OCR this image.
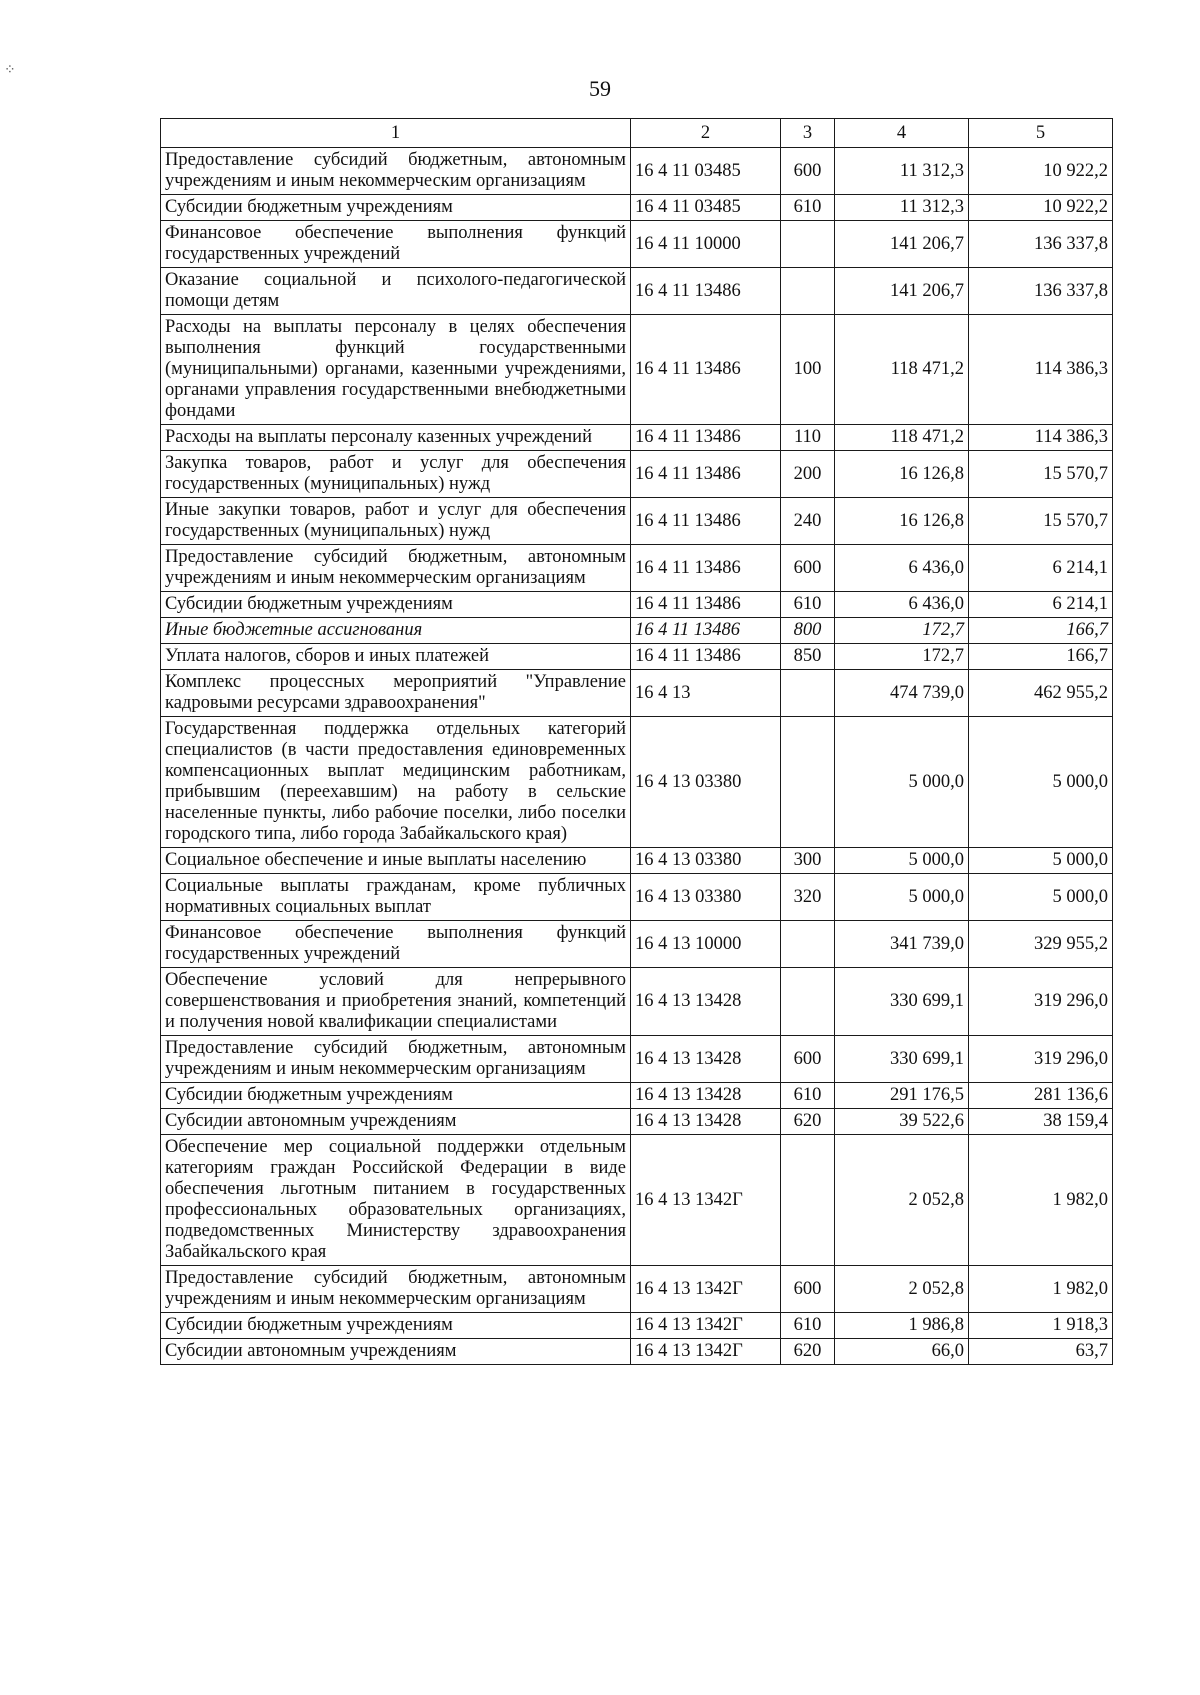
⁘
59
1	2	3	4	5
Предоставление субсидий бюджетным, автономным учреждениям и иным некоммерческим организациям	16 4 11 03485	600	11 312,3	10 922,2
Субсидии бюджетным учреждениям	16 4 11 03485	610	11 312,3	10 922,2
Финансовое обеспечение выполнения функций государственных учреждений	16 4 11 10000		141 206,7	136 337,8
Оказание социальной и психолого-педагогической помощи детям	16 4 11 13486		141 206,7	136 337,8
Расходы на выплаты персоналу в целях обеспечения выполнения функций государственными (муниципальными) органами, казенными учреждениями, органами управления государственными внебюджетными фондами	16 4 11 13486	100	118 471,2	114 386,3
Расходы на выплаты персоналу казенных учреждений	16 4 11 13486	110	118 471,2	114 386,3
Закупка товаров, работ и услуг для обеспечения государственных (муниципальных) нужд	16 4 11 13486	200	16 126,8	15 570,7
Иные закупки товаров, работ и услуг для обеспечения государственных (муниципальных) нужд	16 4 11 13486	240	16 126,8	15 570,7
Предоставление субсидий бюджетным, автономным учреждениям и иным некоммерческим организациям	16 4 11 13486	600	6 436,0	6 214,1
Субсидии бюджетным учреждениям	16 4 11 13486	610	6 436,0	6 214,1
Иные бюджетные ассигнования	16 4 11 13486	800	172,7	166,7
Уплата налогов, сборов и иных платежей	16 4 11 13486	850	172,7	166,7
Комплекс процессных мероприятий "Управление кадровыми ресурсами здравоохранения"	16 4 13		474 739,0	462 955,2
Государственная поддержка отдельных категорий специалистов (в части предоставления единовременных компенсационных выплат медицинским работникам, прибывшим (переехавшим) на работу в сельские населенные пункты, либо рабочие поселки, либо поселки городского типа, либо города Забайкальского края)	16 4 13 03380		5 000,0	5 000,0
Социальное обеспечение и иные выплаты населению	16 4 13 03380	300	5 000,0	5 000,0
Социальные выплаты гражданам, кроме публичных нормативных социальных выплат	16 4 13 03380	320	5 000,0	5 000,0
Финансовое обеспечение выполнения функций государственных учреждений	16 4 13 10000		341 739,0	329 955,2
Обеспечение условий для непрерывного совершенствования и приобретения знаний, компетенций и получения новой квалификации специалистами	16 4 13 13428		330 699,1	319 296,0
Предоставление субсидий бюджетным, автономным учреждениям и иным некоммерческим организациям	16 4 13 13428	600	330 699,1	319 296,0
Субсидии бюджетным учреждениям	16 4 13 13428	610	291 176,5	281 136,6
Субсидии автономным учреждениям	16 4 13 13428	620	39 522,6	38 159,4
Обеспечение мер социальной поддержки отдельным категориям граждан Российской Федерации в виде обеспечения льготным питанием в государственных профессиональных образовательных организациях, подведомственных Министерству здравоохранения Забайкальского края	16 4 13 1342Г		2 052,8	1 982,0
Предоставление субсидий бюджетным, автономным учреждениям и иным некоммерческим организациям	16 4 13 1342Г	600	2 052,8	1 982,0
Субсидии бюджетным учреждениям	16 4 13 1342Г	610	1 986,8	1 918,3
Субсидии автономным учреждениям	16 4 13 1342Г	620	66,0	63,7
